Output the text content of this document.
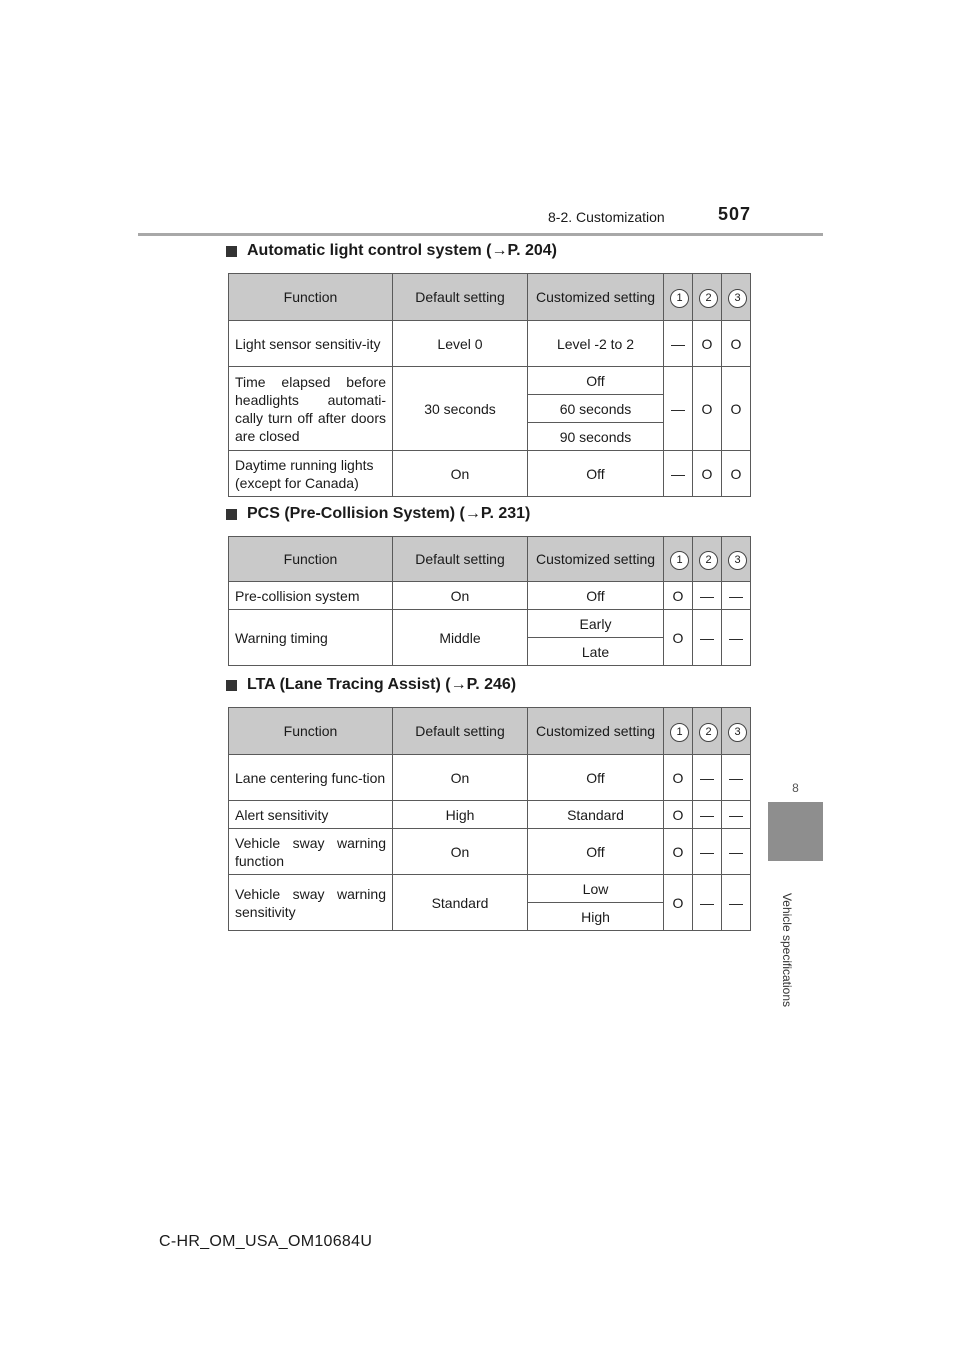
8-2. Customization	507
8
Vehicle specifications
Automatic light control system (→P. 204)
Function	Default setting	Customized setting	1	2	3
Light sensor sensitiv-ity	Level 0	Level -2 to 2	—	O	O
Time elapsed before headlights automati-cally turn off after doors are closed	30 seconds	Off	—	O	O
		60 seconds			
		90 seconds			
Daytime running lights (except for Canada)	On	Off	—	O	O
PCS (Pre-Collision System) (→P. 231)
Function	Default setting	Customized setting	1	2	3
Pre-collision system	On	Off	O	—	—
Warning timing	Middle	Early	O	—	—
		Late			
LTA (Lane Tracing Assist) (→P. 246)
Function	Default setting	Customized setting	1	2	3
Lane centering func-tion	On	Off	O	—	—
Alert sensitivity	High	Standard	O	—	—
Vehicle sway warning function	On	Off	O	—	—
Vehicle sway warning sensitivity	Standard	Low	O	—	—
		High			
C-HR_OM_USA_OM10684U
